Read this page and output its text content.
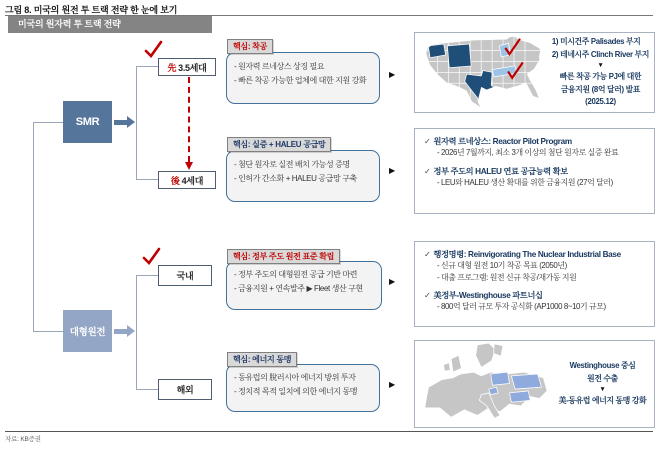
그림 8. 미국의 원전 투 트랙 전략 한 눈에 보기
미국의 원자력 투 트랙 전략
SMR
대형원전
先 3.5세대
後 4세대
국내
해외
핵심: 착공
- 원자력 르네상스 상징 필요
- 빠른 착공 가능한 업체에 대한 지원 강화
핵심: 실증 + HALEU 공급망
- 첨단 원자로 실전 배치 가능성 증명
- 인허가 간소화 + HALEU 공급망 구축
핵심: 정부 주도 원전 표준 확립
- 정부 주도의 대형원전 공급 기반 마련
- 금융지원 + 연속발주 ▶ Fleet 생산 구현
핵심: 에너지 동맹
- 동유럽의 脫러시아 에너지 방위 투자
- 정치적 목적 일치에 의한 에너지 동맹
▶
▶
▶
▶
1) 미시건주 Palisades 부지
2) 테네시주 Clinch River 부지
▼
빠른 착공 가능 PJ에 대한
금융지원 (8억 달러) 발표
(2025.12)
✓ 원자력 르네상스: Reactor Pilot Program
- 2026년 7월까지, 최소 3개 이상의 첨단 원자로 실증 완료
✓ 정부 주도의 HALEU 연료 공급능력 확보
- LEU와 HALEU 생산 확대를 위한 금융지원 (27억 달러)
✓ 행정명령: Reinvigorating The Nuclear Industrial Base
- 신규 대형 원전 10기 착공 목표 (2050년)
- 대출 프로그램: 원전 신규 착공/재가동 지원
✓ 美정부-Westinghouse 파트너십
- 800억 달러 규모 투자 공식화 (AP1000 8~10기 규모)
Westinghouse 중심
원전 수출
▼
美-동유럽 에너지 동맹 강화
자료: KB증권
